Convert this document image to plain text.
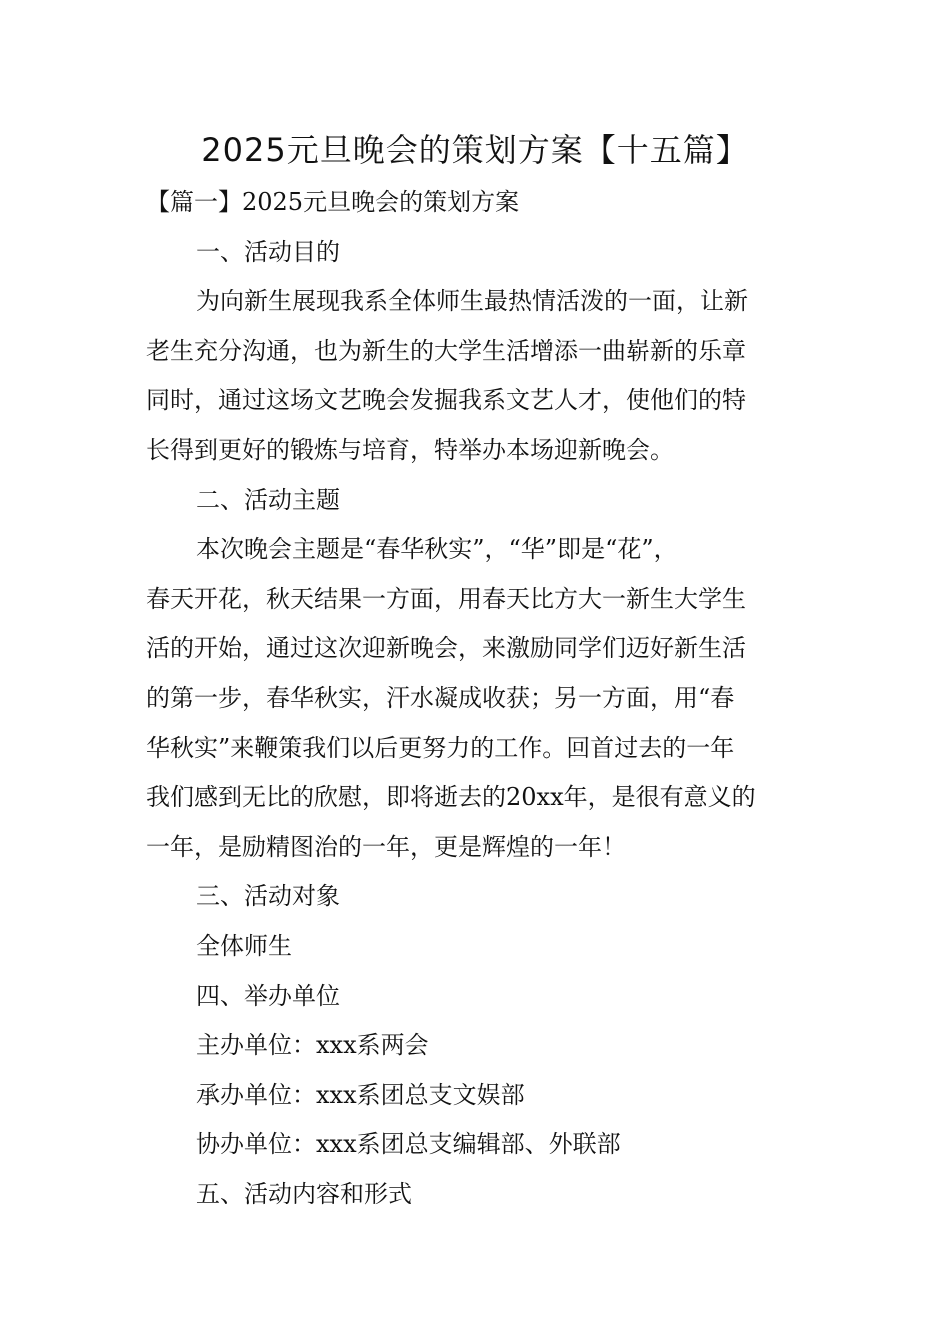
2025元旦晚会的策划方案【十五篇】
【篇一】2025元旦晚会的策划方案
一、活动目的
为向新生展现我系全体师生最热情活泼的一面，让新
老生充分沟通，也为新生的大学生活增添一曲崭新的乐章
同时，通过这场文艺晚会发掘我系文艺人才，使他们的特
长得到更好的锻炼与培育，特举办本场迎新晚会。
二、活动主题
本次晚会主题是“春华秋实”，“华”即是“花”，
春天开花，秋天结果一方面，用春天比方大一新生大学生
活的开始，通过这次迎新晚会，来激励同学们迈好新生活
的第一步，春华秋实，汗水凝成收获；另一方面，用“春
华秋实”来鞭策我们以后更努力的工作。回首过去的一年
我们感到无比的欣慰，即将逝去的20xx年，是很有意义的
一年，是励精图治的一年，更是辉煌的一年！
三、活动对象
全体师生
四、举办单位
主办单位：xxx系两会
承办单位：xxx系团总支文娱部
协办单位：xxx系团总支编辑部、外联部
五、活动内容和形式
